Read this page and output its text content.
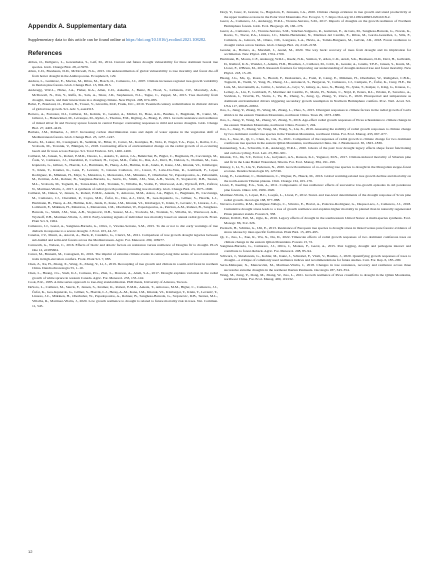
Appendix A. Supplementary data

Supplementary data to this article can be found online at https://doi.org/10.1016/j.ecolind.2021.108282.

References

Abbes, O., Dellgerro, L., Gotzenheiss, S., Leif, M., 2014. Current and future drought vulnerability for three dominant boreal tree species. Glob. Change Biol. 28, e15976.

Allen, C.D., Breshears, D.D., McDowell, N.G., 2015. On underestimation of global vulnerability to tree mortality and forest die-off from hotter drought in the Anthropocene. Ecosphere 6, 129.

Andreu, L., Gutiérrez, E., Macias, M., Ribas, M., Bosch, O., Camarero, J.J., 2007. Climate increases regional tree-growth variability in Iberian pine forests. Glob. Change Biol. 13, 804–815.

Anderegg, W.R.L., Hicke, J.A., Fisher, R.A., Allen, C.D., Aukema, J., Bentz, B., Hood, S., Lichstein, J.W., Macalady, A.K., McDowell, N., Pan, Y., Raffa, K., Sala, A., Shaw, J.D., Stephenson, N.L., Tague, C., Zeppel, M., 2015. Tree mortality from drought, insects, and their interactions in a changing climate. New Phytol. 208, 674–683.

Babst, F., Bouriaud, O., Poulter, B., Trouet, V., Girardin, M.P., Frank, D.C., 2019. Twentieth century redistribution in climatic drivers of global tree growth. Sci. Adv. 5, eaat4313.

Bottero, A., Forrester, D.I., Cailleret, M., Kohnle, U., Gessler, A., Michel, D., Bose, A.K., Bauhus, J., Bugmann, H., Cuntz, M., Gillerot, L., Hanewinkel, M., Lévesque, M., Ryder, J., Thomas, F.M., Rigling, A., Brang, P., 2021. Growth resistance and resilience of mixed silver fir and Norway spruce forests in central Europe: contrasting responses to mild and severe droughts. Glob. Change Biol. 27, 4403–4419.

Barbeta, J.M., Peñuelas, J., 2017. Increasing carbon discrimination rates and depth of water uptake in the vegetation shift of Mediterranean forests. Glob. Change Biol. 23, 1237–1247.

Bosela, M., Lukac, M., Castagneri, D., Sedmák, R., Biber, P., Carrer, M., Konôpka, B., Nola, P., Nagel, T.A., Popa, I., Roibu, C.C., Svoboda, M., Trotsiuk, V., Büntgen, U., 2018. Contrasting effects of environmental change on the radial growth of co-occurring beech and fir trees across Europe. Sci. Total Environ. 615, 1460–1469.

Cailleret, M., Jansen, S., Robert, E.M.R., Desoto, L., Aakala, T., Antos, J.A., Beikircher, B., Bigler, C., Bugmann, H., Caccianiga, M., Čada, V., Camarero, J.J., Cherubini, P., Cochard, H., Coyea, M.R., Čufar, K., Das, A.J., Davi, H., Delzon, S., Dorman, M., Gea-Izquierdo, G., Gillner, S., Haavik, L.J., Hartmann, H., Hereş, A.M., Hultine, K.R., Janda, P., Kane, J.M., Kharuk, V.I., Kitzberger, T., Klein, T., Kramer, K., Lens, F., Levanic, T., Linares Calderon, J.C., Lloret, F., Lobo-Do-Vale, R., Lombardi, F., López Rodríguez, R., Mäkinen, H., Mayr, S., Mészáros, I., Metsaranta, J.M., Minunno, F., Oberhuber, W., Papadopoulos, A., Peltoniemi, M., Petritan, A.M., Rohner, B., Sangüesa-Barreda, G., Sarris, D., Smith, J.M., Stan, A.B., Sterck, F., Stojanović, D.B., Suarez, M.L., Svoboda, M., Tognetti, R., Torres-Ruiz, J.M., Trotsiuk, V., Villalba, R., Vodde, F., Westwood, A.R., Wyckoff, P.H., Zafirov, N., Martínez-Vilalta, J., 2017. A synthesis of radial growth patterns preceding tree mortality. Glob. Change Biol. 23, 1675–1690.

Cailleret, M., Dakos, V., Jansen, S., Robert, E.M.R., Aakala, T., Amoroso, M.M., Antos, J.A., Bigler, C., Bugmann, H., Caccianiga, M., Camarero, J.J., Cherubini, P., Coyea, M.R., Čufar, K., Das, A.J., Davi, H., Gea-Izquierdo, G., Gillner, S., Haavik, L.J., Hartmann, H., Hereş, A.-M., Hultine, K.R., Janda, P., Kane, J.M., Kharuk, V.I., Kitzberger, T., Klein, T., Levanic, T., Linares, J.-C., Lombardi, F., Mäkinen, H., Mészáros, I., Metsaranta, J.M., Oberhuber, W., Papadopoulos, A., Petritan, A.M., Rohner, B., Sangüesa-Barreda, G., Smith, J.M., Stan, A.B., Stojanovic, D.B., Suarez, M.-L., Svoboda, M., Trotsiuk, V., Villalba, R., Westwood, A.R., Wyckoff, P.H., Martínez-Vilalta, J., 2019. Early-warning signals of individual tree mortality based on annual radial growth. Front. Plant Sci. 9, 1964.

Camarero, J.J., Gazol, A., Sangüesa-Barreda, G., Oliva, J., Vicente-Serrano, S.M., 2015. To die or not to die: early warnings of tree dieback in response to a severe drought. J. Ecol. 103, 44–57.

Canelas, J.V., Mauri, A., Anoval, A., Beck, P., Caudullo, G., Clerici, M., 2021. Comparison of tree growth drought legacies between sub-humid and semi-arid forests across the Mediterranean. Agric. For. Meteorol. 299, 108277.

Carnwath, G., Nelson, C., 2016. Effects of biotic and abiotic factors on resistance versus resilience of Douglas fir to drought. PLoS One 12, e0185604.

Carrer, M., Brunetti, M., Castagneri, D., 2016. The imprint of extreme climate events in century-long time series of wood anatomical traits in high-elevation conifers. Front. Plant Sci. 7, 683.

Chen, Z., Xu, H., Zhang, X., Wang, X., Zhang, Y., Li, J., 2019. Decoupling of tree growth and climate in a semi-arid forest in northern China. Dendrochronologia 55, 1–10.

Chen, L., Huang, J.G., Stadt, K.J., Comeau, P.G., Zhai, L., Dawson, A., Alam, S.A., 2017. Drought explains variation in the radial growth of white spruce in western Canada. Agric. For. Meteorol. 233, 133–142.

Cook, E.R., 1985. A time series approach to tree-ring standardization. PhD thesis, University of Arizona, Tucson.

DeSoto, L., Cailleret, M., Sterck, F., Jansen, S., Kramer, K., Robert, E.M.R., Aakala, T., Amoroso, M.M., Bigler, C., Camarero, J.J., Čufar, K., Gea-Izquierdo, G., Gillner, S., Haavik, L.J., Hereş, A.-M., Kane, J.M., Kharuk, V.I., Kitzberger, T., Klein, T., Levanič, T., Linares, J.C., Mäkinen, H., Oberhuber, W., Papadopoulos, A., Rohner, B., Sangüesa-Barreda, G., Stojanovic, D.B., Suárez, M.L., Villalba, R., Martínez-Vilalta, J., 2020. Low growth resilience to drought is related to future mortality risk in trees. Nat. Commun. 11, 545.

Dorji, Y., Isaac, P., Gratzer, G., Hagedorn, F., Janssens, I.A., 2020. Climate change evidence in tree growth and stand productivity at the upper treeline ecotone in the Polar Ural Mountains. For. Ecosyst. 7, 7. https://doi.org/10.1186/s40663-020-0218-2.

Gazol, A., Camarero, J.J., Anderegg, W.R.L., Vicente-Serrano, S.M., 2017. Impacts of droughts on the growth resilience of Northern Hemisphere forests. Glob. Ecol. Biogeogr. 26, 166–176.

Gazol, A., Camarero, J.J., Vicente-Serrano, S.M., Sánchez-Salguero, R., Gutiérrez, E., de Luis, M., Sangüesa-Barreda, G., Novak, K., Rozas, V., Tíscar, P.A., Linares, J.C., Martín-Hernández, N., Martínez del Castillo, E., Ribas, M., García-González, I., Silla, F., Camisón, A., Génova, M., Olano, J.M., Longares, L.A., Hevia, A., Tomás-Burguera, M., Galván, J.D., 2018. Forest resilience to drought varies across biomes. Glob. Change Biol. 24, 2143–2158.

Gessler, A., Bottero, A., Marshall, J., Arend, M., 2020. The way back: recovery of trees from drought and its implication for acclimation. New Phytol. 228, 1704–1709.

Hartmann, H., Moura, C.F., Anderegg, W.R.L., Ruehr, N.K., Salmon, Y., Allen, C.D., Arndt, S.K., Breshears, D.D., Davi, H., Galbraith, D., Ruthrof, K.X., Wunder, J., Adams, H.D., Bloemen, J., Cailleret, M., Cobb, R., Gessler, A., Grams, T.E.E., Jansen, S., Kautz, M., Lloret, F., O'Brien, M., 2018. Research frontiers for improving our understanding of drought-induced tree and forest mortality. New Phytol. 218, 15–28.

Huang, J.G., Ma, Q., Rossi, S., Biondi, F., Deslauriers, A., Fonti, P., Liang, E., Mäkinen, H., Oberhuber, W., Rathgeber, C.B.K., Tognetti, R., Treml, V., Yang, B., Zhang, J.L., Antonucci, S., Bergeron, Y., Camarero, J.J., Campelo, F., Čufar, K., Cuny, H.E., De Luis, M., Giovannelli, A., Gričar, J., Gruber, A., Gryc, V., Güney, A., Guo, X., Huang, W., Jyske, T., Kašpar, J., King, G., Krause, C., Lemay, A., Liu, F., Lombardi, F., Martínez del Castillo, E., Morin, H., Nabais, C., Nöjd, P., Peters, R.L., Prislan, P., Saracino, A., Swidrak, I., Vavrčík, H., Vieira, J., Yu, B., Zhang, S., Zeng, Q., Zhang, Y., Ziaco, E., 2020. Photoperiod and temperature as dominant environmental drivers triggering secondary growth resumption in Northern Hemisphere conifers. Proc. Natl. Acad. Sci. USA 117, 20645–20652.

Jiao, L., Jiang, Y., Zhang, W., Wang, M., Zhang, L., Zhao, S., 2015. Divergent responses to climate factors in the radial growth of Larix sibirica in the eastern Tianshan Mountains, northwest China. Trees 29, 1673–1686.

Jiao, L., Jiang, Y., Wang, M., Zhang, W., Zhang, Y., 2016. Age-effect radial growth responses of Picea schrenkiana to climate change in the eastern Tianshan Mountains, northwest China. Forests 7, 294.

Jiao, L., Jiang, Y., Zhang, W., Wang, M., Wang, S., Liu, X., 2019. Assessing the stability of radial growth responses to climate change by two dominant conifer tree species in the Tianshan Mountains, northwest China. For. Ecol. Manag. 433, 667–677.

Jiao, L., Xue, R., Qi, C., Chen, K., Liu, X., 2021. Comparison of the responses of radial growth to climate change for two dominant coniferous tree species in the eastern Qilian Mountains, northwestern China. Int. J. Biometeorol. 65, 1823–1836.

Kannenberg, S.A., Schwalm, C.R., Anderegg, W.R.L., 2020. Ghosts of the past: how drought legacy effects shape forest functioning and carbon cycling. Ecol. Lett. 23, 891–901.

Kharuk, V.I., Im, S.T., Petrov, I.A., Golyukov, A.S., Ranson, K.J., Yagunov, M.N., 2017. Climate-induced mortality of Siberian pine and fir in the Lake Baikal Watershed, Siberia. For. Ecol. Manag. 384, 191–199.

Kinney, J., Li, Y., Liu, Y., Pederson, N., 2020. Growth resilience of co-occurring tree species to drought in the Mongolian steppe-forest ecotone. Dendrochronologia 63, 125746.

Liang, E., Leuschner, C., Dulamsuren, C., Wagner, B., Hauck, M., 2016. Global warming-related tree growth decline and mortality on the north-eastern Tibetan plateau. Clim. Change 134, 163–176.

Lloret, F., Keeling, E.G., Sala, A., 2011. Components of tree resilience: effects of successive low-growth episodes in old ponderosa pine forests. Oikos 120, 1909–1920.

Martínez-Vilalta, J., López, B.C., Loepfe, L., Lloret, F., 2012. Stand- and tree-level determinants of the drought response of Scots pine radial growth. Oecologia 168, 877–888.

Navarro-Cerrillo, R.M., Rodriguez-Vallejo, C., Silveiro, E., Hortal, A., Palacios-Rodríguez, G., Duque-Lazo, J., Camarero, J.J., 2018. Cumulative drought stress leads to a loss of growth resilience and explains higher mortality in planted than in naturally regenerated Pinus pinaster stands. Forests 9, 358.

Peltier, D.M.P., Fell, M., Ogle, K., 2016. Legacy effects of drought in the southwestern United States: A multi-species synthesis. Ecol. Monogr. 86, 312–326.

Pretzsch, H., Schütze, G., Uhl, E., 2013. Resistance of European tree species to drought stress in mixed versus pure forests: evidence of stress release by inter-specific facilitation. Plant Biol. 15, 483–495.

Qi, C., Jiao, L., Xue, R., Wu, X., Du, D., 2022. Timescale effects of radial growth responses of two dominant coniferous trees on climate change in the eastern Qilian Mountains. Forests 13, 72.

Sangüesa-Barreda, G., Camarero, J.J., Oliva, J., Montes, F., Gazol, A., 2015. Past logging, drought and pathogens interact and contribute to forest dieback. Agric. For. Meteorol. 208, 85–94.

Schwarz, J., Skiadaresis, G., Kohler, M., Kunz, J., Schnabel, F., Vitali, V., Bauhus, J., 2020. Quantifying growth responses of trees to drought—a critique of commonly used resilience indices and recommendations for future studies. Curr. For. Rep. 6, 185–200.

Serra-Maluquer, X., Mencuccini, M., Martínez-Vilalta, J., 2018. Changes in tree resistance, recovery and resilience across three successive extreme droughts in the northeast Iberian Peninsula. Oecologia 187, 343–354.

Wang, M., Jiang, Y., Dong, M., Zhang, W., Jiao, L., 2021. Growth resilience of Picea crassifolia to drought in the Qilian Mountains, northwest China. For. Ecol. Manag. 490, 119132.

12
